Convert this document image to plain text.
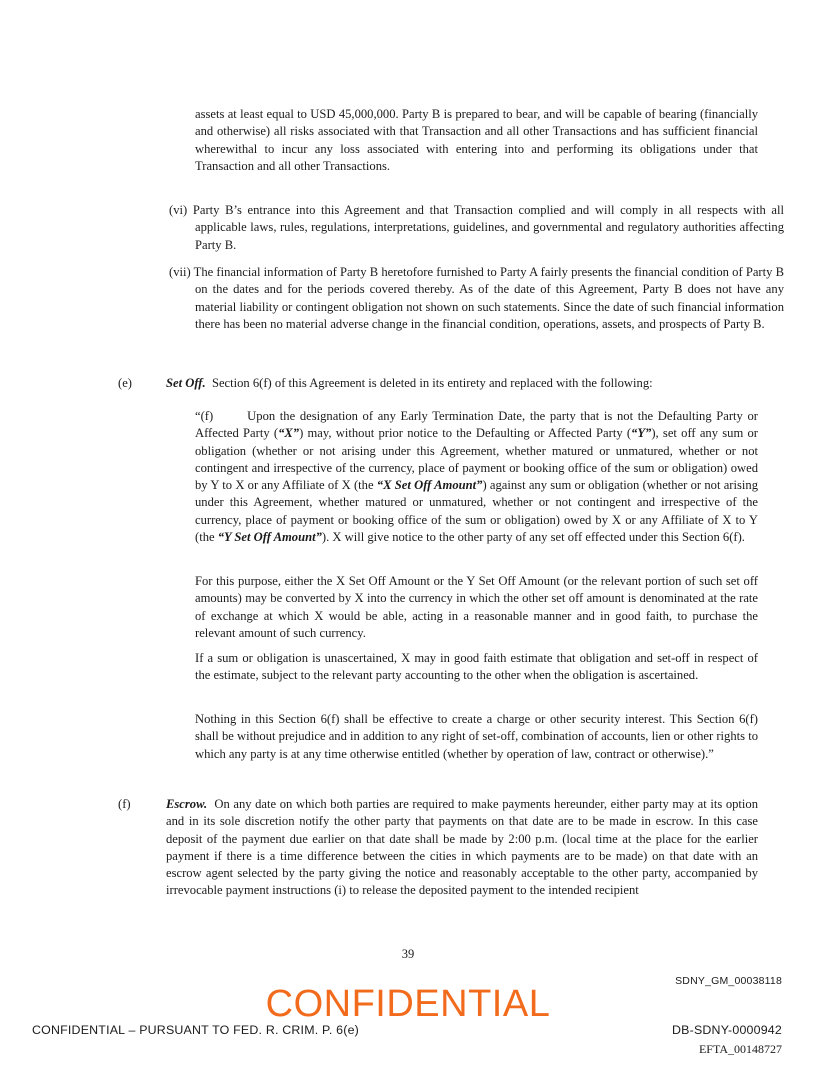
assets at least equal to USD 45,000,000. Party B is prepared to bear, and will be capable of bearing (financially and otherwise) all risks associated with that Transaction and all other Transactions and has sufficient financial wherewithal to incur any loss associated with entering into and performing its obligations under that Transaction and all other Transactions.

(vi) Party B’s entrance into this Agreement and that Transaction complied and will comply in all respects with all applicable laws, rules, regulations, interpretations, guidelines, and governmental and regulatory authorities affecting Party B.

(vii) The financial information of Party B heretofore furnished to Party A fairly presents the financial condition of Party B on the dates and for the periods covered thereby. As of the date of this Agreement, Party B does not have any material liability or contingent obligation not shown on such statements. Since the date of such financial information there has been no material adverse change in the financial condition, operations, assets, and prospects of Party B.

(e)	Set Off. Section 6(f) of this Agreement is deleted in its entirety and replaced with the following:

“(f)	Upon the designation of any Early Termination Date, the party that is not the Defaulting Party or Affected Party (“X”) may, without prior notice to the Defaulting or Affected Party (“Y”), set off any sum or obligation (whether or not arising under this Agreement, whether matured or unmatured, whether or not contingent and irrespective of the currency, place of payment or booking office of the sum or obligation) owed by Y to X or any Affiliate of X (the “X Set Off Amount”) against any sum or obligation (whether or not arising under this Agreement, whether matured or unmatured, whether or not contingent and irrespective of the currency, place of payment or booking office of the sum or obligation) owed by X or any Affiliate of X to Y (the “Y Set Off Amount”). X will give notice to the other party of any set off effected under this Section 6(f).

For this purpose, either the X Set Off Amount or the Y Set Off Amount (or the relevant portion of such set off amounts) may be converted by X into the currency in which the other set off amount is denominated at the rate of exchange at which X would be able, acting in a reasonable manner and in good faith, to purchase the relevant amount of such currency.

If a sum or obligation is unascertained, X may in good faith estimate that obligation and set-off in respect of the estimate, subject to the relevant party accounting to the other when the obligation is ascertained.

Nothing in this Section 6(f) shall be effective to create a charge or other security interest. This Section 6(f) shall be without prejudice and in addition to any right of set-off, combination of accounts, lien or other rights to which any party is at any time otherwise entitled (whether by operation of law, contract or otherwise).”

(f)	Escrow. On any date on which both parties are required to make payments hereunder, either party may at its option and in its sole discretion notify the other party that payments on that date are to be made in escrow. In this case deposit of the payment due earlier on that date shall be made by 2:00 p.m. (local time at the place for the earlier payment if there is a time difference between the cities in which payments are to be made) on that date with an escrow agent selected by the party giving the notice and reasonably acceptable to the other party, accompanied by irrevocable payment instructions (i) to release the deposited payment to the intended recipient

39
SDNY_GM_00038118
CONFIDENTIAL
CONFIDENTIAL – PURSUANT TO FED. R. CRIM. P. 6(e)	DB-SDNY-0000942
EFTA_00148727
